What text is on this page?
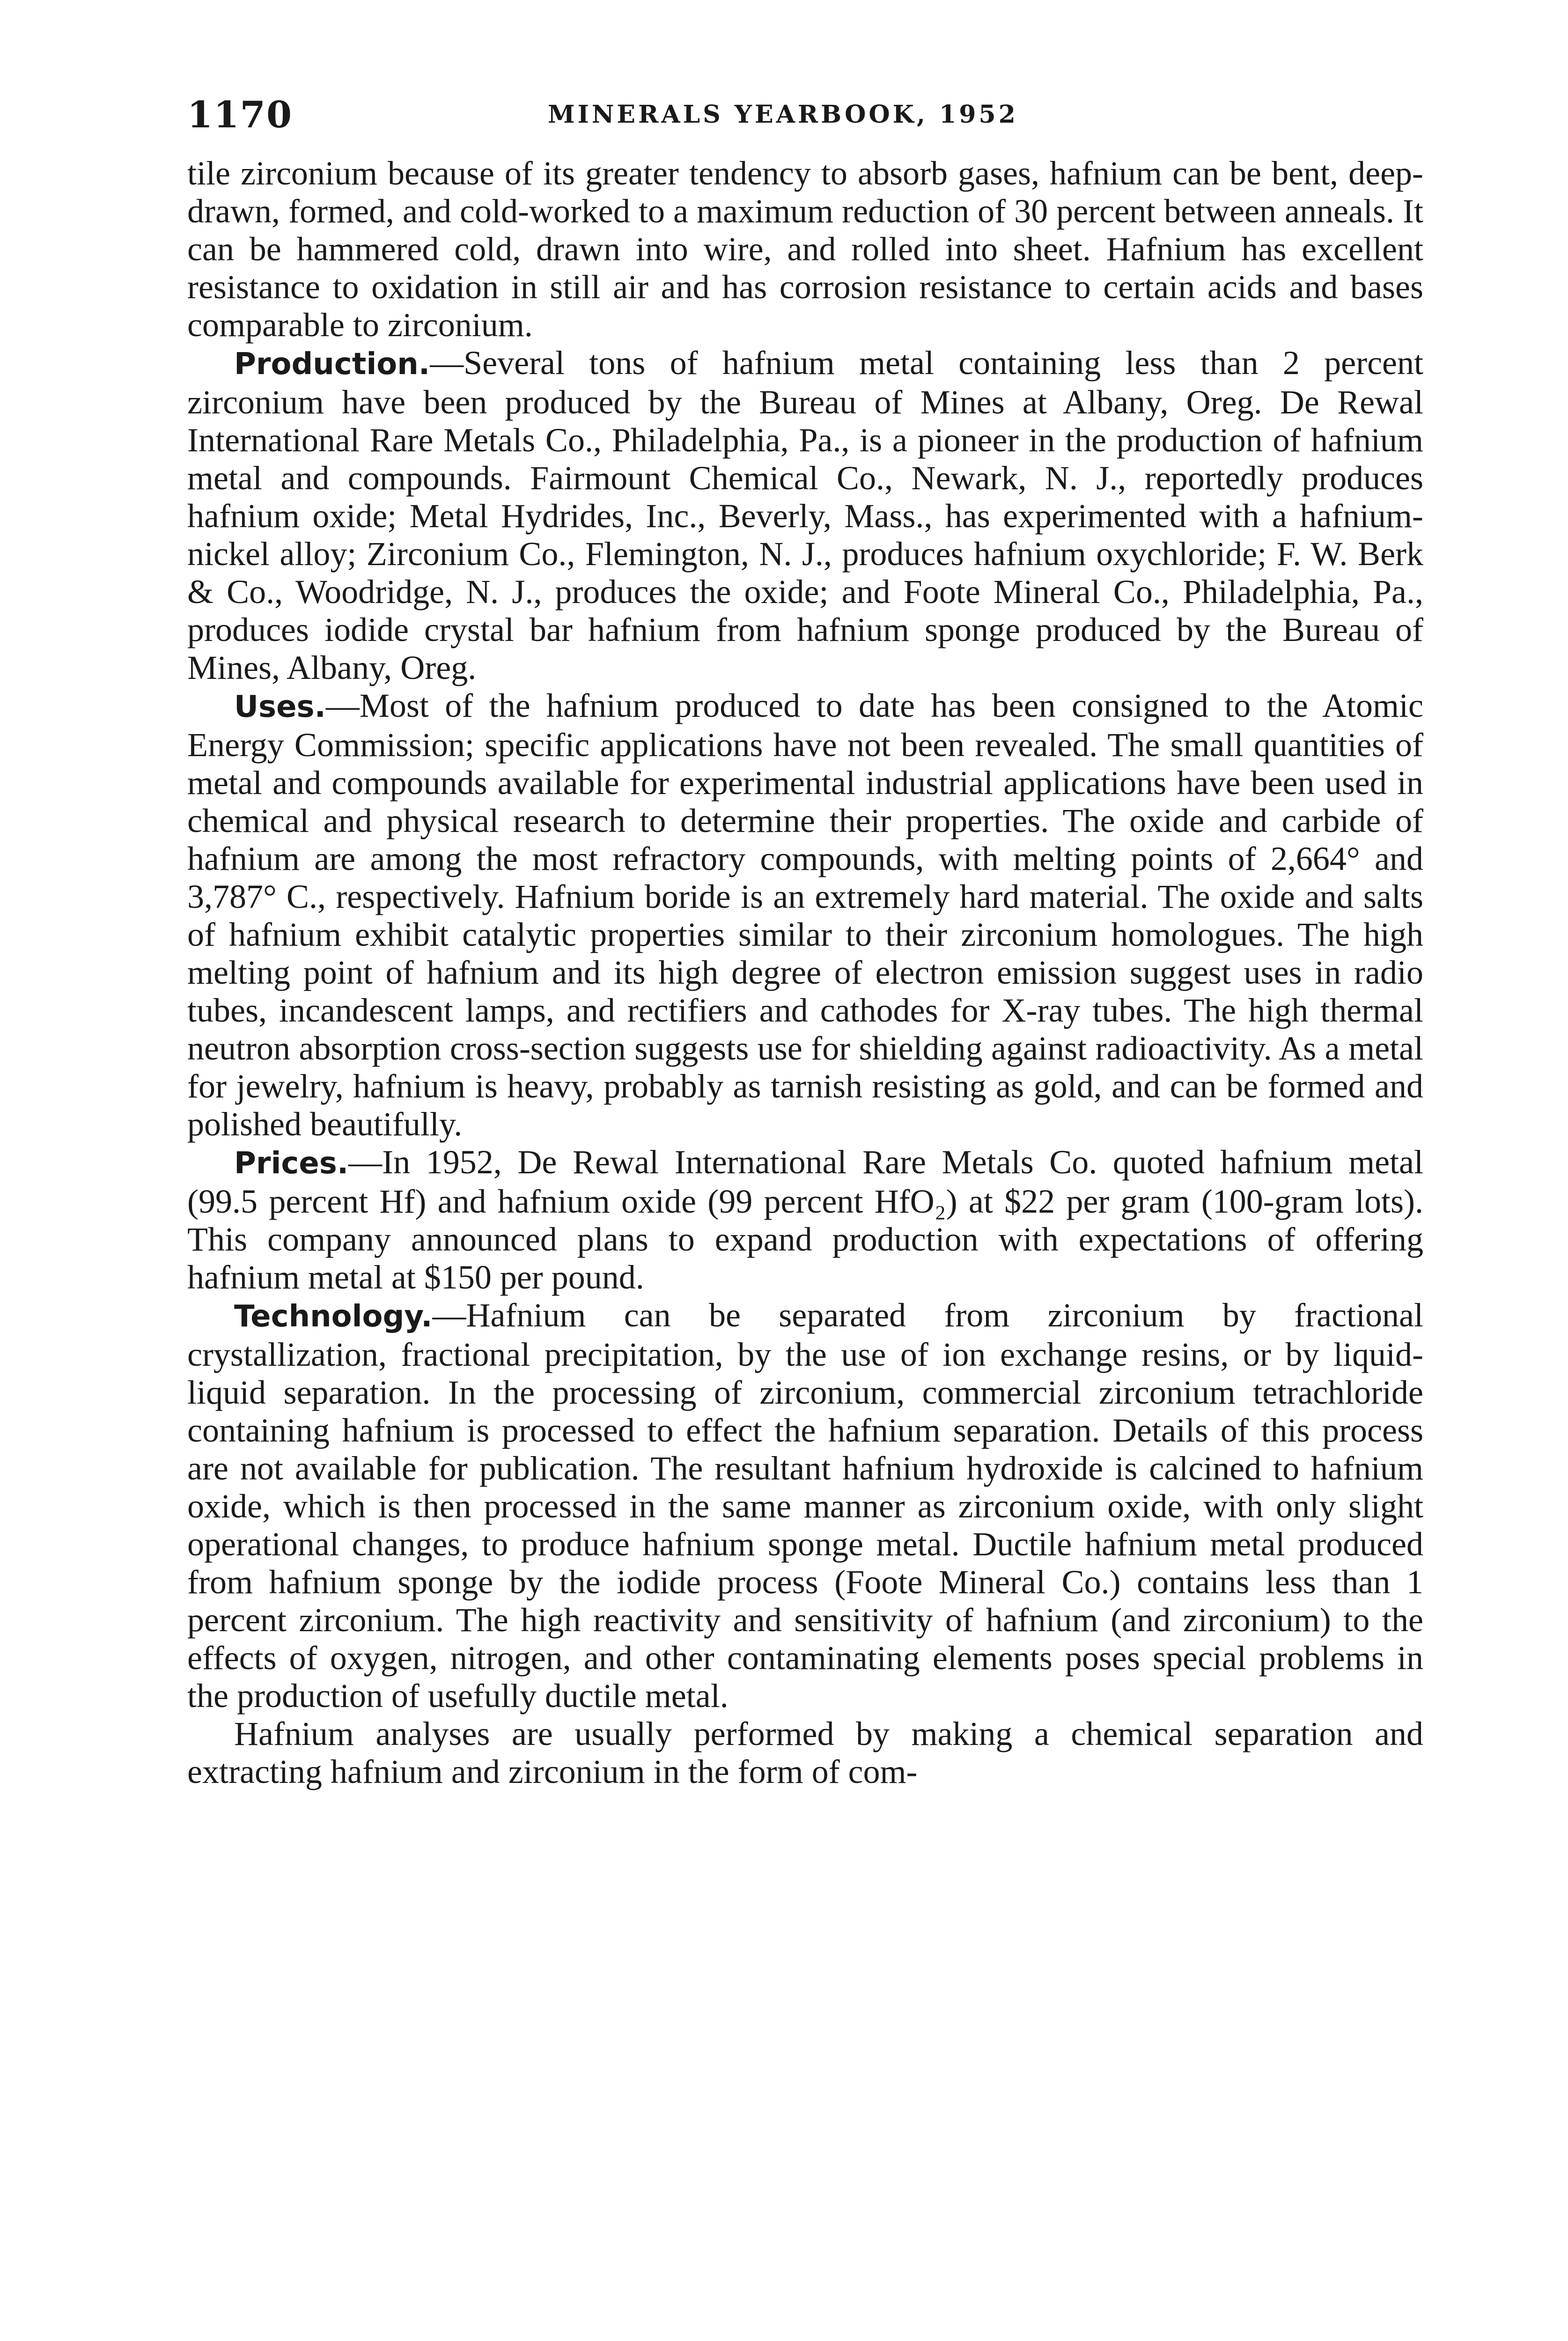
1170	MINERALS YEARBOOK, 1952

tile zirconium because of its greater tendency to absorb gases, hafnium can be bent, deep-drawn, formed, and cold-worked to a maximum reduction of 30 percent between anneals. It can be hammered cold, drawn into wire, and rolled into sheet. Hafnium has excellent resistance to oxidation in still air and has corrosion resistance to certain acids and bases comparable to zirconium.

Production.—Several tons of hafnium metal containing less than 2 percent zirconium have been produced by the Bureau of Mines at Albany, Oreg. De Rewal International Rare Metals Co., Philadelphia, Pa., is a pioneer in the production of hafnium metal and compounds. Fairmount Chemical Co., Newark, N. J., reportedly produces hafnium oxide; Metal Hydrides, Inc., Beverly, Mass., has experimented with a hafnium-nickel alloy; Zirconium Co., Flemington, N. J., produces hafnium oxychloride; F. W. Berk & Co., Woodridge, N. J., produces the oxide; and Foote Mineral Co., Philadelphia, Pa., produces iodide crystal bar hafnium from hafnium sponge produced by the Bureau of Mines, Albany, Oreg.

Uses.—Most of the hafnium produced to date has been consigned to the Atomic Energy Commission; specific applications have not been revealed. The small quantities of metal and compounds available for experimental industrial applications have been used in chemical and physical research to determine their properties. The oxide and carbide of hafnium are among the most refractory compounds, with melting points of 2,664° and 3,787° C., respectively. Hafnium boride is an extremely hard material. The oxide and salts of hafnium exhibit catalytic properties similar to their zirconium homologues. The high melting point of hafnium and its high degree of electron emission suggest uses in radio tubes, incandescent lamps, and rectifiers and cathodes for X-ray tubes. The high thermal neutron absorption cross-section suggests use for shielding against radioactivity. As a metal for jewelry, hafnium is heavy, probably as tarnish resisting as gold, and can be formed and polished beautifully.

Prices.—In 1952, De Rewal International Rare Metals Co. quoted hafnium metal (99.5 percent Hf) and hafnium oxide (99 percent HfO₂) at $22 per gram (100-gram lots). This company announced plans to expand production with expectations of offering hafnium metal at $150 per pound.

Technology.—Hafnium can be separated from zirconium by fractional crystallization, fractional precipitation, by the use of ion exchange resins, or by liquid-liquid separation. In the processing of zirconium, commercial zirconium tetrachloride containing hafnium is processed to effect the hafnium separation. Details of this process are not available for publication. The resultant hafnium hydroxide is calcined to hafnium oxide, which is then processed in the same manner as zirconium oxide, with only slight operational changes, to produce hafnium sponge metal. Ductile hafnium metal produced from hafnium sponge by the iodide process (Foote Mineral Co.) contains less than 1 percent zirconium. The high reactivity and sensitivity of hafnium (and zirconium) to the effects of oxygen, nitrogen, and other contaminating elements poses special problems in the production of usefully ductile metal.

Hafnium analyses are usually performed by making a chemical separation and extracting hafnium and zirconium in the form of com-
